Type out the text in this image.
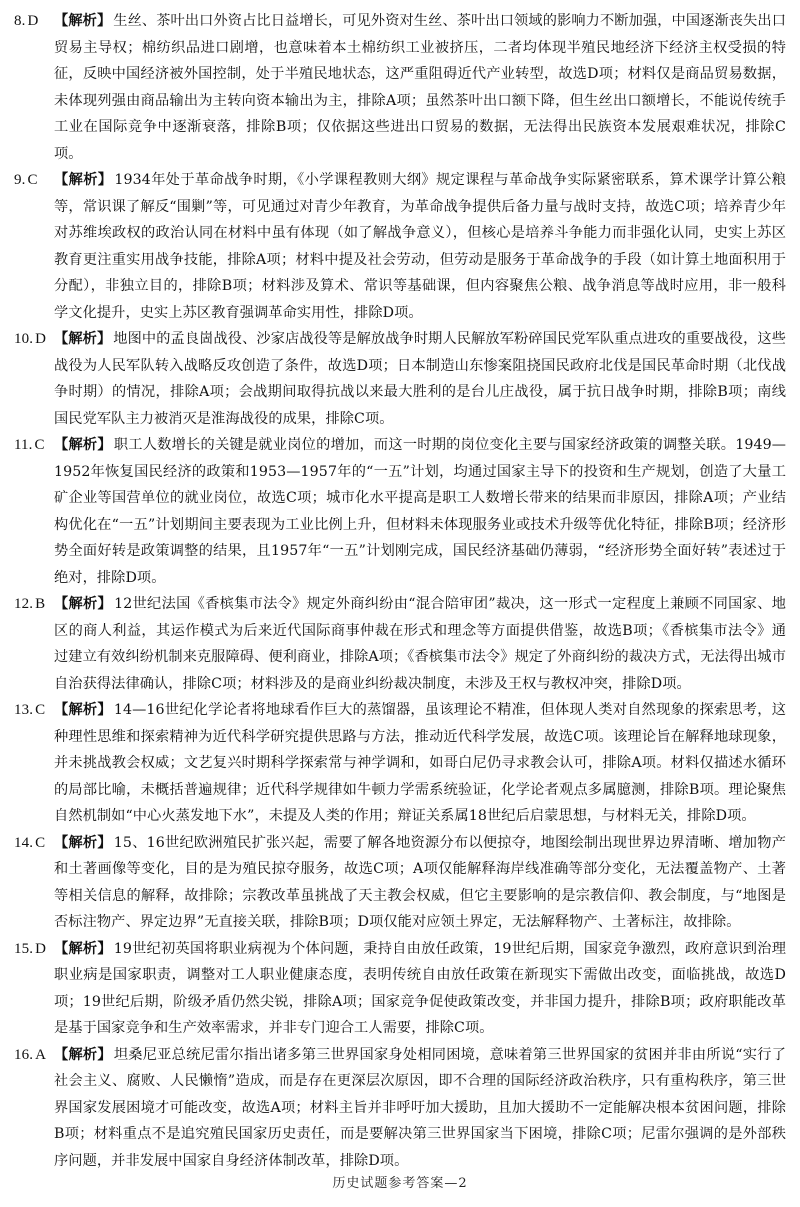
8. D	【解析】 生丝、茶叶出口外资占比日益增长，可见外资对生丝、茶叶出口领域的影响力不断加强，中国逐渐丧失出口贸易主导权；棉纺织品进口剧增，也意味着本土棉纺织工业被挤压，二者均体现半殖民地经济下经济主权受损的特征，反映中国经济被外国控制，处于半殖民地状态，这严重阻碍近代产业转型，故选D项；材料仅是商品贸易数据，未体现列强由商品输出为主转向资本输出为主，排除A项；虽然茶叶出口额下降，但生丝出口额增长，不能说传统手工业在国际竞争中逐渐衰落，排除B项；仅依据这些进出口贸易的数据，无法得出民族资本发展艰难状况，排除C项。
9. C	【解析】 1934年处于革命战争时期，《小学课程教则大纲》规定课程与革命战争实际紧密联系，算术课学计算公粮等，常识课了解反“围剿”等，可见通过对青少年教育，为革命战争提供后备力量与战时支持，故选C项；培养青少年对苏维埃政权的政治认同在材料中虽有体现（如了解战争意义），但核心是培养斗争能力而非强化认同，史实上苏区教育更注重实用战争技能，排除A项；材料中提及社会劳动，但劳动是服务于革命战争的手段（如计算土地面积用于分配），非独立目的，排除B项；材料涉及算术、常识等基础课，但内容聚焦公粮、战争消息等战时应用，非一般科学文化提升，史实上苏区教育强调革命实用性，排除D项。
10. D 【解析】 地图中的孟良崮战役、沙家店战役等是解放战争时期人民解放军粉碎国民党军队重点进攻的重要战役，这些战役为人民军队转入战略反攻创造了条件，故选D项；日本制造山东惨案阻挠国民政府北伐是国民革命时期（北伐战争时期）的情况，排除A项；会战期间取得抗战以来最大胜利的是台儿庄战役，属于抗日战争时期，排除B项；南线国民党军队主力被消灭是淮海战役的成果，排除C项。
11. C 【解析】 职工人数增长的关键是就业岗位的增加，而这一时期的岗位变化主要与国家经济政策的调整关联。1949—1952年恢复国民经济的政策和1953—1957年的“一五”计划，均通过国家主导下的投资和生产规划，创造了大量工矿企业等国营单位的就业岗位，故选C项；城市化水平提高是职工人数增长带来的结果而非原因，排除A项；产业结构优化在“一五”计划期间主要表现为工业比例上升，但材料未体现服务业或技术升级等优化特征，排除B项；经济形势全面好转是政策调整的结果，且1957年“一五”计划刚完成，国民经济基础仍薄弱，“经济形势全面好转”表述过于绝对，排除D项。
12. B 【解析】 12世纪法国《香槟集市法令》规定外商纠纷由“混合陪审团”裁决，这一形式一定程度上兼顾不同国家、地区的商人利益，其运作模式为后来近代国际商事仲裁在形式和理念等方面提供借鉴，故选B项；《香槟集市法令》通过建立有效纠纷机制来克服障碍、便利商业，排除A项；《香槟集市法令》规定了外商纠纷的裁决方式，无法得出城市自治获得法律确认，排除C项；材料涉及的是商业纠纷裁决制度，未涉及王权与教权冲突，排除D项。
13. C 【解析】 14—16世纪化学论者将地球看作巨大的蒸馏器，虽该理论不精准，但体现人类对自然现象的探索思考，这种理性思维和探索精神为近代科学研究提供思路与方法，推动近代科学发展，故选C项。该理论旨在解释地球现象，并未挑战教会权威；文艺复兴时期科学探索常与神学调和，如哥白尼仍寻求教会认可，排除A项。材料仅描述水循环的局部比喻，未概括普遍规律；近代科学规律如牛顿力学需系统验证，化学论者观点多属臆测，排除B项。理论聚焦自然机制如“中心火蒸发地下水”，未提及人类的作用；辩证关系属18世纪后启蒙思想，与材料无关，排除D项。
14. C 【解析】 15、16世纪欧洲殖民扩张兴起，需要了解各地资源分布以便掠夺，地图绘制出现世界边界清晰、增加物产和土著画像等变化，目的是为殖民掠夺服务，故选C项；A项仅能解释海岸线准确等部分变化，无法覆盖物产、土著等相关信息的解释，故排除；宗教改革虽挑战了天主教会权威，但它主要影响的是宗教信仰、教会制度，与“地图是否标注物产、界定边界”无直接关联，排除B项；D项仅能对应领土界定，无法解释物产、土著标注，故排除。
15. D 【解析】 19世纪初英国将职业病视为个体问题，秉持自由放任政策，19世纪后期，国家竞争激烈，政府意识到治理职业病是国家职责，调整对工人职业健康态度，表明传统自由放任政策在新现实下需做出改变，面临挑战，故选D项；19世纪后期，阶级矛盾仍然尖锐，排除A项；国家竞争促使政策改变，并非国力提升，排除B项；政府职能改革是基于国家竞争和生产效率需求，并非专门迎合工人需要，排除C项。
16. A 【解析】 坦桑尼亚总统尼雷尔指出诸多第三世界国家身处相同困境，意味着第三世界国家的贫困并非由所说“实行了社会主义、腐败、人民懒惰”造成，而是存在更深层次原因，即不合理的国际经济政治秩序，只有重构秩序，第三世界国家发展困境才可能改变，故选A项；材料主旨并非呼吁加大援助，且加大援助不一定能解决根本贫困问题，排除B项；材料重点不是追究殖民国家历史责任，而是要解决第三世界国家当下困境，排除C项；尼雷尔强调的是外部秩序问题，并非发展中国家自身经济体制改革，排除D项。
历史试题参考答案—2
